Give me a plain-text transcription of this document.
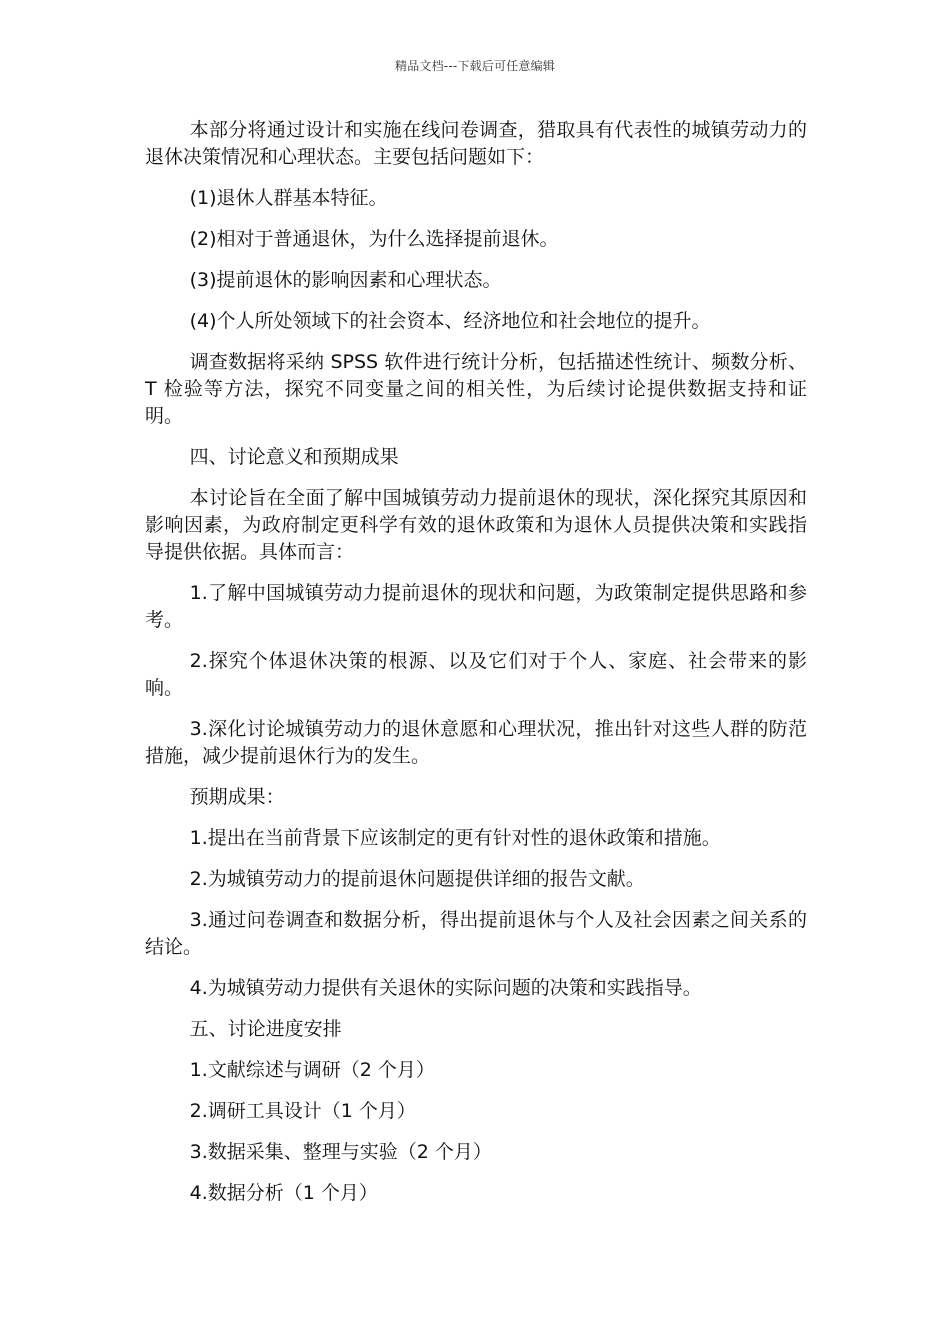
精品文档---下载后可任意编辑

本部分将通过设计和实施在线问卷调查，猎取具有代表性的城镇劳动力的退休决策情况和心理状态。主要包括问题如下：

(1)退休人群基本特征。

(2)相对于普通退休，为什么选择提前退休。

(3)提前退休的影响因素和心理状态。

(4)个人所处领域下的社会资本、经济地位和社会地位的提升。

调查数据将采纳 SPSS 软件进行统计分析，包括描述性统计、频数分析、T 检验等方法，探究不同变量之间的相关性，为后续讨论提供数据支持和证明。

四、讨论意义和预期成果

本讨论旨在全面了解中国城镇劳动力提前退休的现状，深化探究其原因和影响因素，为政府制定更科学有效的退休政策和为退休人员提供决策和实践指导提供依据。具体而言：

1.了解中国城镇劳动力提前退休的现状和问题，为政策制定提供思路和参考。

2.探究个体退休决策的根源、以及它们对于个人、家庭、社会带来的影响。

3.深化讨论城镇劳动力的退休意愿和心理状况，推出针对这些人群的防范措施，减少提前退休行为的发生。

预期成果：

1.提出在当前背景下应该制定的更有针对性的退休政策和措施。

2.为城镇劳动力的提前退休问题提供详细的报告文献。

3.通过问卷调查和数据分析，得出提前退休与个人及社会因素之间关系的结论。

4.为城镇劳动力提供有关退休的实际问题的决策和实践指导。

五、讨论进度安排

1.文献综述与调研（2 个月）

2.调研工具设计（1 个月）

3.数据采集、整理与实验（2 个月）

4.数据分析（1 个月）
